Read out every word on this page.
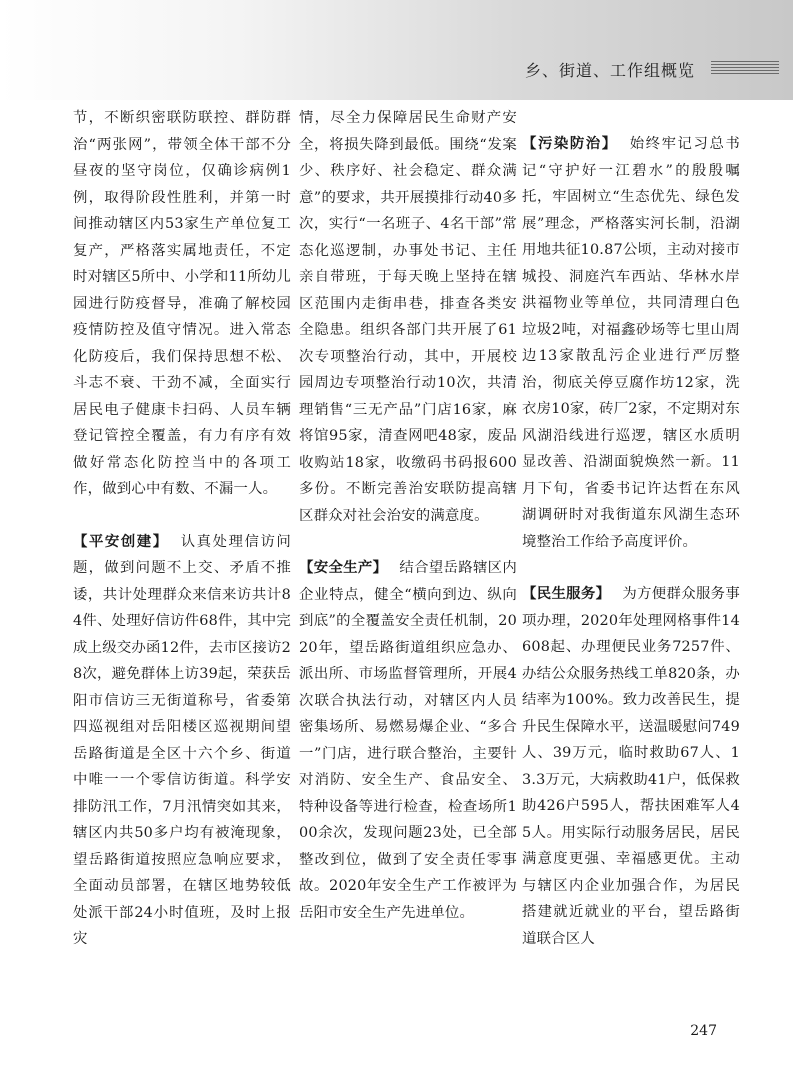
乡、街道、工作组概览

节，不断织密联防联控、群防群治“两张网”，带领全体干部不分昼夜的坚守岗位，仅确诊病例1例，取得阶段性胜利，并第一时间推动辖区内53家生产单位复工复产，严格落实属地责任，不定时对辖区5所中、小学和11所幼儿园进行防疫督导，准确了解校园疫情防控及值守情况。进入常态化防疫后，我们保持思想不松、斗志不衰、干劲不减，全面实行居民电子健康卡扫码、人员车辆登记管控全覆盖，有力有序有效做好常态化防控当中的各项工作，做到心中有数、不漏一人。

【平安创建】 认真处理信访问题，做到问题不上交、矛盾不推诿，共计处理群众来信来访共计84件、处理好信访件68件，其中完成上级交办函12件，去市区接访28次，避免群体上访39起，荣获岳阳市信访三无街道称号，省委第四巡视组对岳阳楼区巡视期间望岳路街道是全区十六个乡、街道中唯一一个零信访街道。科学安排防汛工作，7月汛情突如其来，辖区内共50多户均有被淹现象，望岳路街道按照应急响应要求，全面动员部署，在辖区地势较低处派干部24小时值班，及时上报灾

情，尽全力保障居民生命财产安全，将损失降到最低。围绕“发案少、秩序好、社会稳定、群众满意”的要求，共开展摸排行动40多次，实行“一名班子、4名干部”常态化巡逻制，办事处书记、主任亲自带班，于每天晚上坚持在辖区范围内走街串巷，排查各类安全隐患。组织各部门共开展了61次专项整治行动，其中，开展校园周边专项整治行动10次，共清理销售“三无产品”门店16家，麻将馆95家，清查网吧48家，废品收购站18家，收缴码书码报600多份。不断完善治安联防提高辖区群众对社会治安的满意度。

【安全生产】 结合望岳路辖区内企业特点，健全“横向到边、纵向到底”的全覆盖安全责任机制，2020年，望岳路街道组织应急办、派出所、市场监督管理所，开展4次联合执法行动，对辖区内人员密集场所、易燃易爆企业、“多合一”门店，进行联合整治，主要针对消防、安全生产、食品安全、特种设备等进行检查，检查场所100余次，发现问题23处，已全部整改到位，做到了安全责任零事故。2020年安全生产工作被评为岳阳市安全生产先进单位。

【污染防治】 始终牢记习总书记“守护好一江碧水”的殷殷嘱托，牢固树立“生态优先、绿色发展”理念，严格落实河长制，沿湖用地共征10.87公顷，主动对接市城投、洞庭汽车西站、华林水岸洪福物业等单位，共同清理白色垃圾2吨，对福鑫砂场等七里山周边13家散乱污企业进行严厉整治，彻底关停豆腐作坊12家，洗衣房10家，砖厂2家，不定期对东风湖沿线进行巡逻，辖区水质明显改善、沿湖面貌焕然一新。11月下旬，省委书记许达哲在东风湖调研时对我街道东风湖生态环境整治工作给予高度评价。

【民生服务】 为方便群众服务事项办理，2020年处理网格事件14608起、办理便民业务7257件、办结公众服务热线工单820条，办结率为100%。致力改善民生，提升民生保障水平，送温暖慰问749人、39万元，临时救助67人、13.3万元，大病救助41户，低保救助426户595人，帮扶困难军人45人。用实际行动服务居民，居民满意度更强、幸福感更优。主动与辖区内企业加强合作，为居民搭建就近就业的平台，望岳路街道联合区人

247
